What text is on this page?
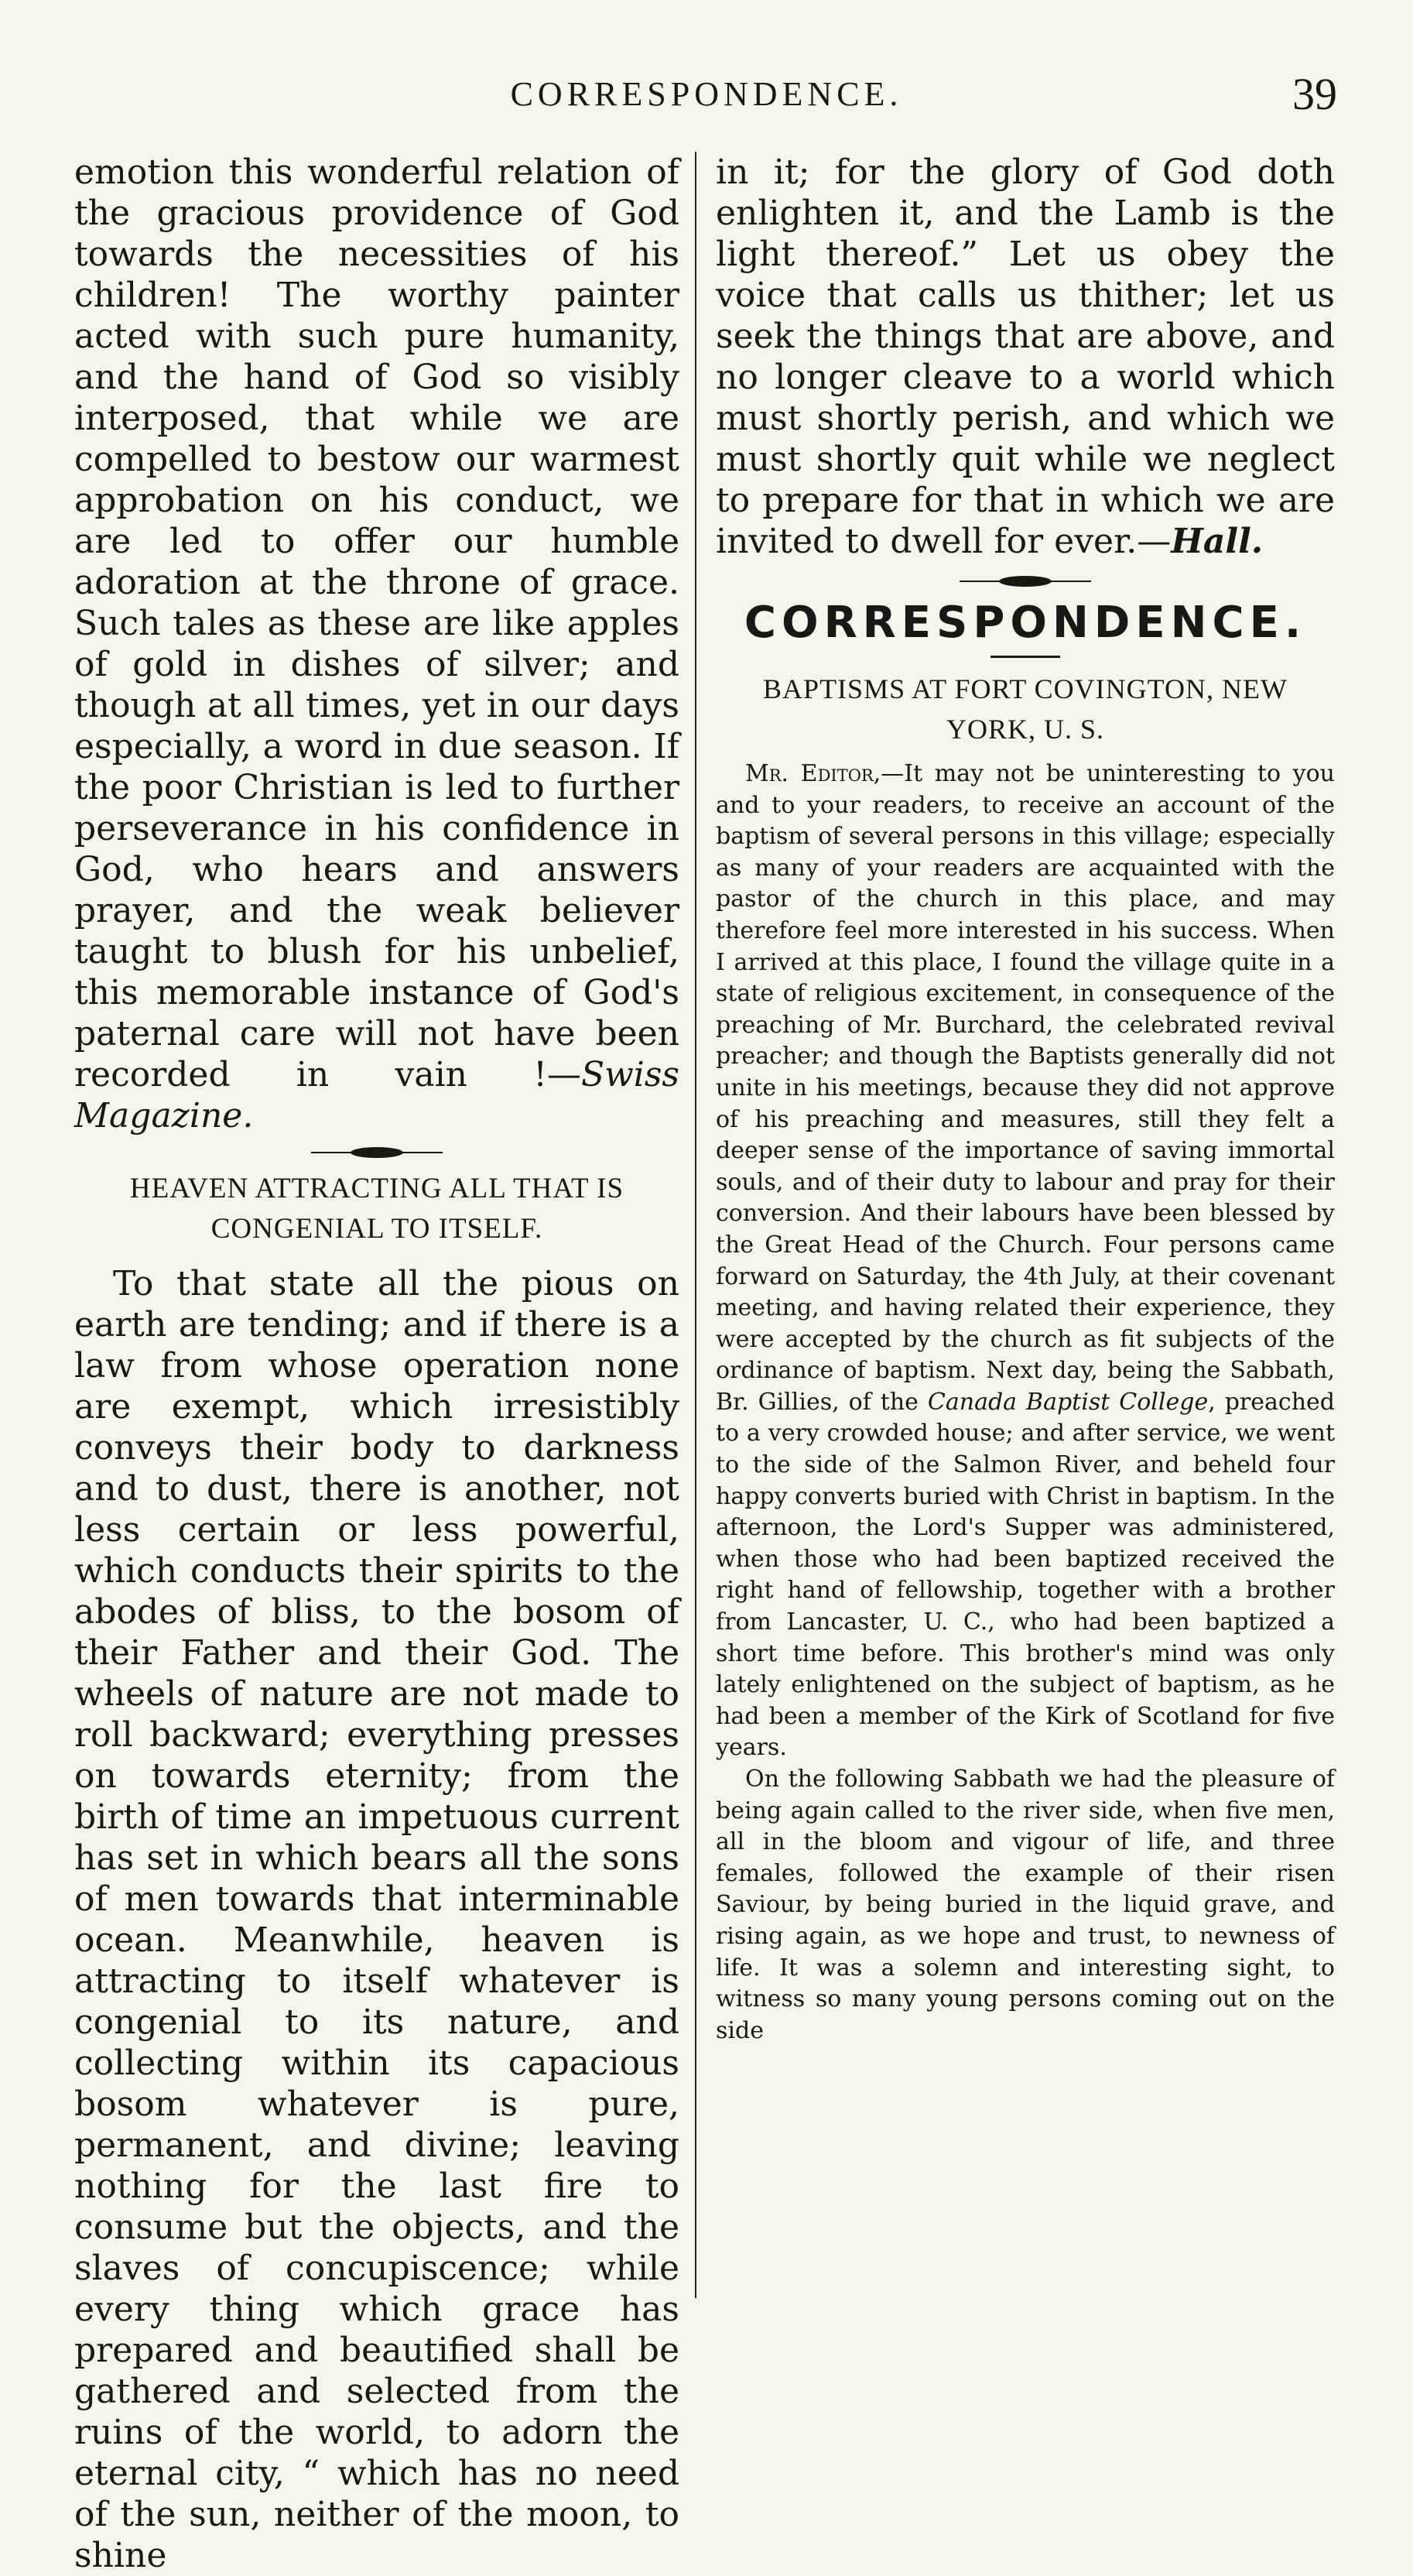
CORRESPONDENCE.	39

emotion this wonderful relation of the gracious providence of God towards the necessities of his children! The worthy painter acted with such pure humanity, and the hand of God so visibly interposed, that while we are compelled to bestow our warmest approbation on his conduct, we are led to offer our humble adoration at the throne of grace. Such tales as these are like apples of gold in dishes of silver; and though at all times, yet in our days especially, a word in due season. If the poor Christian is led to further perseverance in his confidence in God, who hears and answers prayer, and the weak believer taught to blush for his unbelief, this memorable instance of God's paternal care will not have been recorded in vain !—Swiss Magazine.

HEAVEN ATTRACTING ALL THAT IS CONGENIAL TO ITSELF.

To that state all the pious on earth are tending; and if there is a law from whose operation none are exempt, which irresistibly conveys their body to darkness and to dust, there is another, not less certain or less powerful, which conducts their spirits to the abodes of bliss, to the bosom of their Father and their God. The wheels of nature are not made to roll backward; everything presses on towards eternity; from the birth of time an impetuous current has set in which bears all the sons of men towards that interminable ocean. Meanwhile, heaven is attracting to itself whatever is congenial to its nature, and collecting within its capacious bosom whatever is pure, permanent, and divine; leaving nothing for the last fire to consume but the objects, and the slaves of concupiscence; while every thing which grace has prepared and beautified shall be gathered and selected from the ruins of the world, to adorn the eternal city, “ which has no need of the sun, neither of the moon, to shine

in it; for the glory of God doth enlighten it, and the Lamb is the light thereof.” Let us obey the voice that calls us thither; let us seek the things that are above, and no longer cleave to a world which must shortly perish, and which we must shortly quit while we neglect to prepare for that in which we are invited to dwell for ever.—Hall.

CORRESPONDENCE.
BAPTISMS AT FORT COVINGTON, NEW YORK, U. S.

Mr. Editor,—It may not be uninteresting to you and to your readers, to receive an account of the baptism of several persons in this village; especially as many of your readers are acquainted with the pastor of the church in this place, and may therefore feel more interested in his success. When I arrived at this place, I found the village quite in a state of religious excitement, in consequence of the preaching of Mr. Burchard, the celebrated revival preacher; and though the Baptists generally did not unite in his meetings, because they did not approve of his preaching and measures, still they felt a deeper sense of the importance of saving immortal souls, and of their duty to labour and pray for their conversion. And their labours have been blessed by the Great Head of the Church. Four persons came forward on Saturday, the 4th July, at their covenant meeting, and having related their experience, they were accepted by the church as fit subjects of the ordinance of baptism. Next day, being the Sabbath, Br. Gillies, of the Canada Baptist College, preached to a very crowded house; and after service, we went to the side of the Salmon River, and beheld four happy converts buried with Christ in baptism. In the afternoon, the Lord's Supper was administered, when those who had been baptized received the right hand of fellowship, together with a brother from Lancaster, U. C., who had been baptized a short time before. This brother's mind was only lately enlightened on the subject of baptism, as he had been a member of the Kirk of Scotland for five years.

On the following Sabbath we had the pleasure of being again called to the river side, when five men, all in the bloom and vigour of life, and three females, followed the example of their risen Saviour, by being buried in the liquid grave, and rising again, as we hope and trust, to newness of life. It was a solemn and interesting sight, to witness so many young persons coming out on the side
